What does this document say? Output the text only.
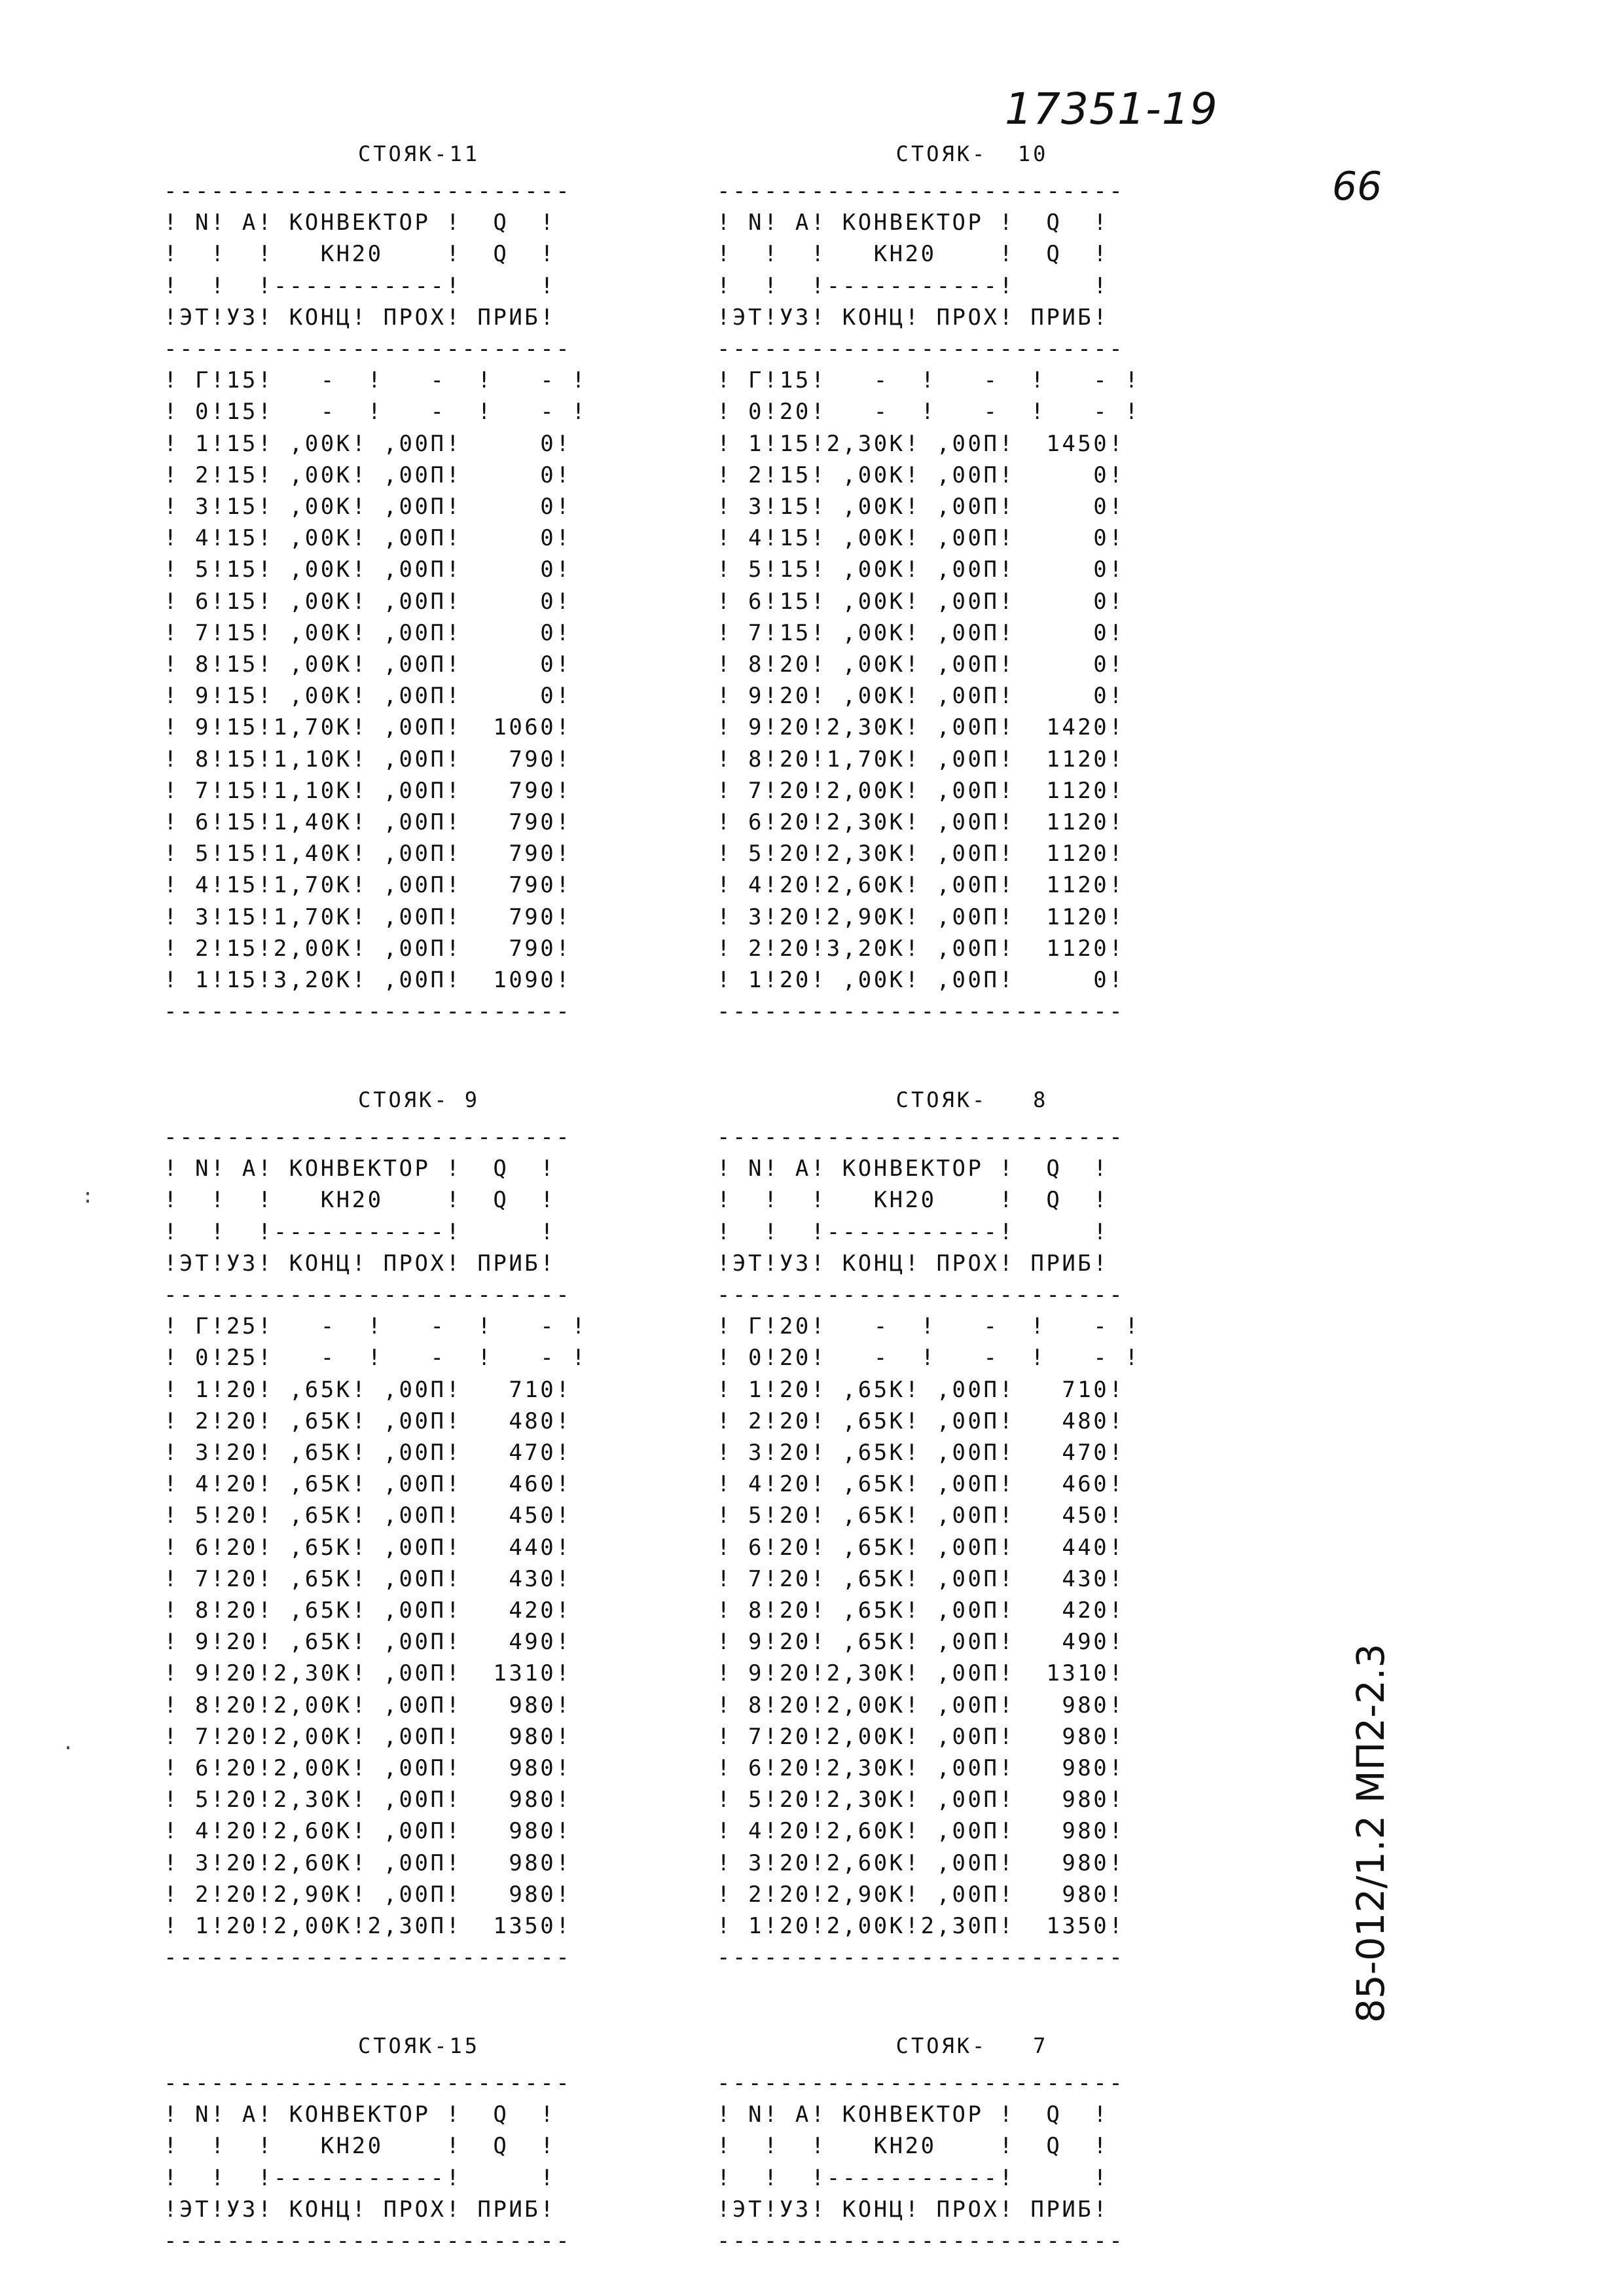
17351-19
66
85-012/1.2 МП2-2.3
СТОЯК-11
--------------------------
! N! А! КОНВЕКТОР !  Q  !
!  !  !   КН20    !  Q  !
!  !  !-----------!     !
!ЭТ!УЗ! КОНЦ! ПРОХ! ПРИБ!
--------------------------
! Г!15!   -  !   -  !   - !
! 0!15!   -  !   -  !   - !
! 1!15! ,00К! ,00П!     0!
! 2!15! ,00К! ,00П!     0!
! 3!15! ,00К! ,00П!     0!
! 4!15! ,00К! ,00П!     0!
! 5!15! ,00К! ,00П!     0!
! 6!15! ,00К! ,00П!     0!
! 7!15! ,00К! ,00П!     0!
! 8!15! ,00К! ,00П!     0!
! 9!15! ,00К! ,00П!     0!
! 9!15!1,70К! ,00П!  1060!
! 8!15!1,10К! ,00П!   790!
! 7!15!1,10К! ,00П!   790!
! 6!15!1,40К! ,00П!   790!
! 5!15!1,40К! ,00П!   790!
! 4!15!1,70К! ,00П!   790!
! 3!15!1,70К! ,00П!   790!
! 2!15!2,00К! ,00П!   790!
! 1!15!3,20К! ,00П!  1090!
--------------------------
СТОЯК-  10
--------------------------
! N! А! КОНВЕКТОР !  Q  !
!  !  !   КН20    !  Q  !
!  !  !-----------!     !
!ЭТ!УЗ! КОНЦ! ПРОХ! ПРИБ!
--------------------------
! Г!15!   -  !   -  !   - !
! 0!20!   -  !   -  !   - !
! 1!15!2,30К! ,00П!  1450!
! 2!15! ,00К! ,00П!     0!
! 3!15! ,00К! ,00П!     0!
! 4!15! ,00К! ,00П!     0!
! 5!15! ,00К! ,00П!     0!
! 6!15! ,00К! ,00П!     0!
! 7!15! ,00К! ,00П!     0!
! 8!20! ,00К! ,00П!     0!
! 9!20! ,00К! ,00П!     0!
! 9!20!2,30К! ,00П!  1420!
! 8!20!1,70К! ,00П!  1120!
! 7!20!2,00К! ,00П!  1120!
! 6!20!2,30К! ,00П!  1120!
! 5!20!2,30К! ,00П!  1120!
! 4!20!2,60К! ,00П!  1120!
! 3!20!2,90К! ,00П!  1120!
! 2!20!3,20К! ,00П!  1120!
! 1!20! ,00К! ,00П!     0!
--------------------------
СТОЯК- 9
--------------------------
! N! А! КОНВЕКТОР !  Q  !
!  !  !   КН20    !  Q  !
!  !  !-----------!     !
!ЭТ!УЗ! КОНЦ! ПРОХ! ПРИБ!
--------------------------
! Г!25!   -  !   -  !   - !
! 0!25!   -  !   -  !   - !
! 1!20! ,65К! ,00П!   710!
! 2!20! ,65К! ,00П!   480!
! 3!20! ,65К! ,00П!   470!
! 4!20! ,65К! ,00П!   460!
! 5!20! ,65К! ,00П!   450!
! 6!20! ,65К! ,00П!   440!
! 7!20! ,65К! ,00П!   430!
! 8!20! ,65К! ,00П!   420!
! 9!20! ,65К! ,00П!   490!
! 9!20!2,30К! ,00П!  1310!
! 8!20!2,00К! ,00П!   980!
! 7!20!2,00К! ,00П!   980!
! 6!20!2,00К! ,00П!   980!
! 5!20!2,30К! ,00П!   980!
! 4!20!2,60К! ,00П!   980!
! 3!20!2,60К! ,00П!   980!
! 2!20!2,90К! ,00П!   980!
! 1!20!2,00К!2,30П!  1350!
--------------------------
СТОЯК-   8
--------------------------
! N! А! КОНВЕКТОР !  Q  !
!  !  !   КН20    !  Q  !
!  !  !-----------!     !
!ЭТ!УЗ! КОНЦ! ПРОХ! ПРИБ!
--------------------------
! Г!20!   -  !   -  !   - !
! 0!20!   -  !   -  !   - !
! 1!20! ,65К! ,00П!   710!
! 2!20! ,65К! ,00П!   480!
! 3!20! ,65К! ,00П!   470!
! 4!20! ,65К! ,00П!   460!
! 5!20! ,65К! ,00П!   450!
! 6!20! ,65К! ,00П!   440!
! 7!20! ,65К! ,00П!   430!
! 8!20! ,65К! ,00П!   420!
! 9!20! ,65К! ,00П!   490!
! 9!20!2,30К! ,00П!  1310!
! 8!20!2,00К! ,00П!   980!
! 7!20!2,00К! ,00П!   980!
! 6!20!2,30К! ,00П!   980!
! 5!20!2,30К! ,00П!   980!
! 4!20!2,60К! ,00П!   980!
! 3!20!2,60К! ,00П!   980!
! 2!20!2,90К! ,00П!   980!
! 1!20!2,00К!2,30П!  1350!
--------------------------
СТОЯК-15
--------------------------
! N! А! КОНВЕКТОР !  Q  !
!  !  !   КН20    !  Q  !
!  !  !-----------!     !
!ЭТ!УЗ! КОНЦ! ПРОХ! ПРИБ!
--------------------------
СТОЯК-   7
--------------------------
! N! А! КОНВЕКТОР !  Q  !
!  !  !   КН20    !  Q  !
!  !  !-----------!     !
!ЭТ!УЗ! КОНЦ! ПРОХ! ПРИБ!
--------------------------
:
.
